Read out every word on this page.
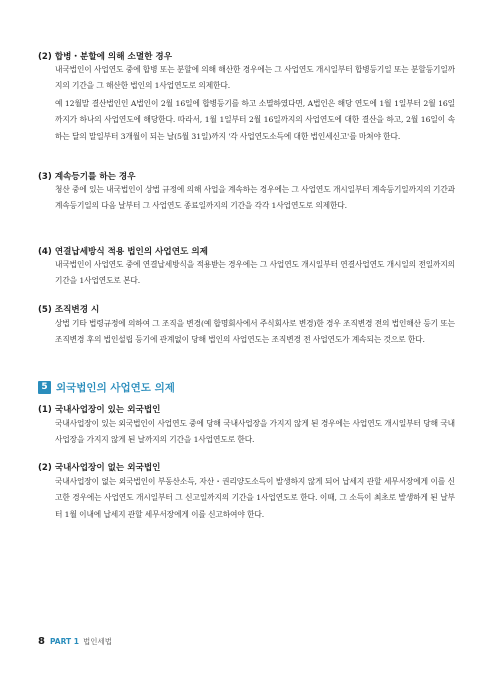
(2) 합병・분할에 의해 소멸한 경우

내국법인이 사업연도 중에 합병 또는 분할에 의해 해산한 경우에는 그 사업연도 개시일부터 합병등기일 또는 분할등기일까지의 기간을 그 해산한 법인의 1사업연도로 의제한다.

예 12월말 결산법인인 A법인이 2월 16일에 합병등기를 하고 소멸하였다면, A법인은 해당 연도에 1월 1일부터 2월 16일까지가 하나의 사업연도에 해당한다. 따라서, 1월 1일부터 2월 16일까지의 사업연도에 대한 결산을 하고, 2월 16일이 속하는 달의 말일부터 3개월이 되는 날(5월 31일)까지 '각 사업연도소득에 대한 법인세신고'를 마쳐야 한다.

(3) 계속등기를 하는 경우

청산 중에 있는 내국법인이 상법 규정에 의해 사업을 계속하는 경우에는 그 사업연도 개시일부터 계속등기일까지의 기간과 계속등기일의 다음 날부터 그 사업연도 종료일까지의 기간을 각각 1사업연도로 의제한다.

(4) 연결납세방식 적용 법인의 사업연도 의제

내국법인이 사업연도 중에 연결납세방식을 적용받는 경우에는 그 사업연도 개시일부터 연결사업연도 개시일의 전일까지의 기간을 1사업연도로 본다.

(5) 조직변경 시

상법 기타 법령규정에 의하여 그 조직을 변경(예 합명회사에서 주식회사로 변경)한 경우 조직변경 전의 법인해산 등기 또는 조직변경 후의 법인설립 등기에 관계없이 당해 법인의 사업연도는 조직변경 전 사업연도가 계속되는 것으로 한다.

5 외국법인의 사업연도 의제
(1) 국내사업장이 있는 외국법인

국내사업장이 있는 외국법인이 사업연도 중에 당해 국내사업장을 가지지 않게 된 경우에는 사업연도 개시일부터 당해 국내사업장을 가지지 않게 된 날까지의 기간을 1사업연도로 한다.

(2) 국내사업장이 없는 외국법인

국내사업장이 없는 외국법인이 부동산소득, 자산・권리양도소득이 발생하지 않게 되어 납세지 관할 세무서장에게 이를 신고한 경우에는 사업연도 개시일부터 그 신고일까지의 기간을 1사업연도로 한다. 이때, 그 소득이 최초로 발생하게 된 날부터 1월 이내에 납세지 관할 세무서장에게 이를 신고하여야 한다.

8 PART 1 법인세법
